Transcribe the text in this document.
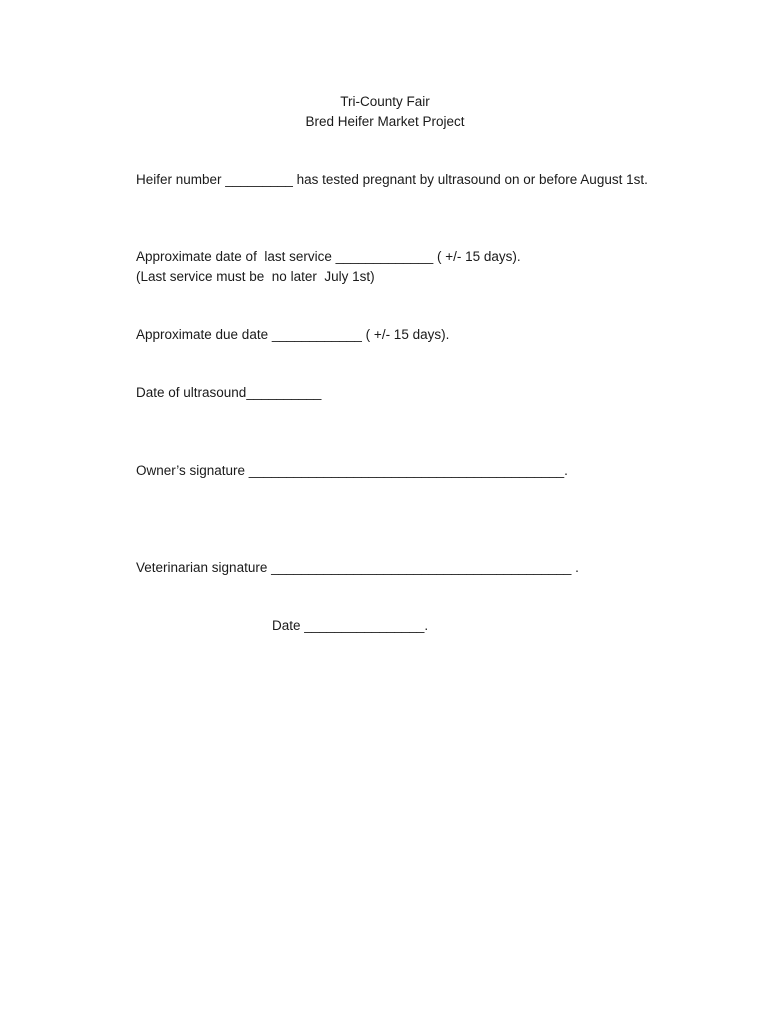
Tri-County Fair
Bred Heifer Market Project
Heifer number _________ has tested pregnant by ultrasound on or before August 1st.
Approximate date of  last service _____________ ( +/- 15 days).
(Last service must be  no later  July 1st)
Approximate due date ____________ ( +/- 15 days).
Date of ultrasound__________
Owner’s signature __________________________________________.
Veterinarian signature ________________________________________ .
Date ________________.
